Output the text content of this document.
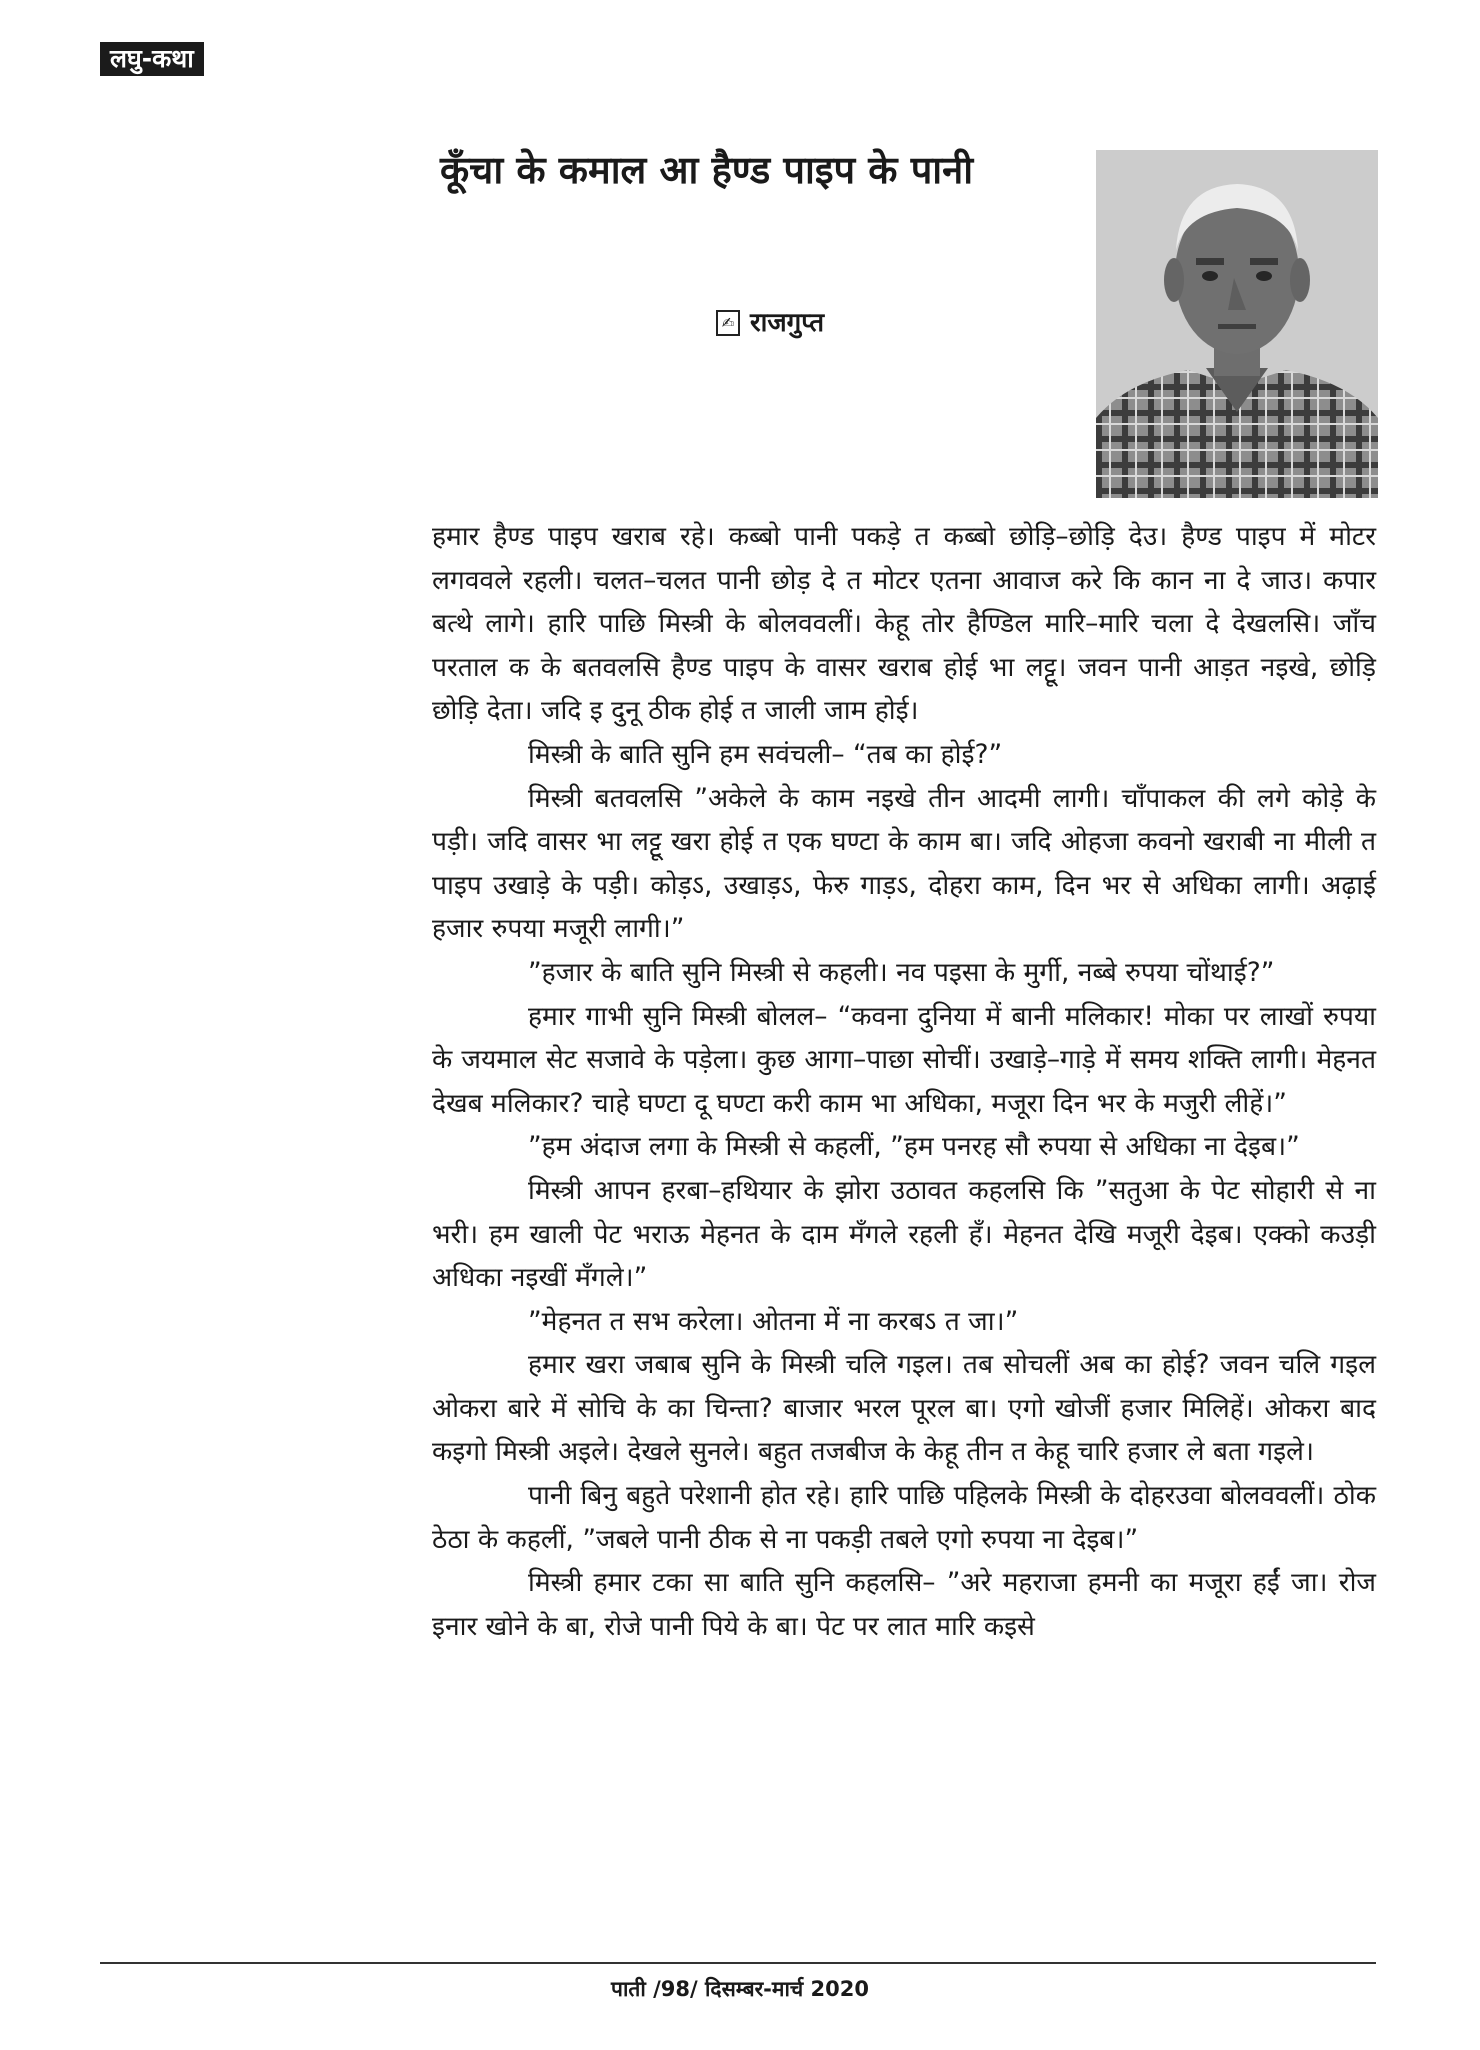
लघु-कथा
कूँचा के कमाल आ हैण्ड पाइप के पानी
✍ राजगुप्त

हमार हैण्ड पाइप खराब रहे। कब्बो पानी पकड़े त कब्बो छोड़ि–छोड़ि देउ। हैण्ड पाइप में मोटर लगववले रहली। चलत–चलत पानी छोड़ दे त मोटर एतना आवाज करे कि कान ना दे जाउ। कपार बत्थे लागे। हारि पाछि मिस्त्री के बोलववलीं। केहू तोर हैण्डिल मारि–मारि चला दे देखलसि। जाँच परताल क के बतवलसि हैण्ड पाइप के वासर खराब होई भा लट्टू। जवन पानी आड़त नइखे, छोड़ि छोड़ि देता। जदि इ दुनू ठीक होई त जाली जाम होई।

मिस्त्री के बाति सुनि हम सवंचली– “तब का होई?”

मिस्त्री बतवलसि ”अकेले के काम नइखे तीन आदमी लागी। चाँपाकल की लगे कोड़े के पड़ी। जदि वासर भा लट्टू खरा होई त एक घण्टा के काम बा। जदि ओहजा कवनो खराबी ना मीली त पाइप उखाड़े के पड़ी। कोड़ऽ, उखाड़ऽ, फेरु गाड़ऽ, दोहरा काम, दिन भर से अधिका लागी। अढ़ाई हजार रुपया मजूरी लागी।”

”हजार के बाति सुनि मिस्त्री से कहली। नव पइसा के मुर्गी, नब्बे रुपया चोंथाई?”

हमार गाभी सुनि मिस्त्री बोलल– “कवना दुनिया में बानी मलिकार! मोका पर लाखों रुपया के जयमाल सेट सजावे के पड़ेला। कुछ आगा–पाछा सोचीं। उखाड़े–गाड़े में समय शक्ति लागी। मेहनत देखब मलिकार? चाहे घण्टा दू घण्टा करी काम भा अधिका, मजूरा दिन भर के मजुरी लीहें।”

”हम अंदाज लगा के मिस्त्री से कहलीं, ”हम पनरह सौ रुपया से अधिका ना देइब।”

मिस्त्री आपन हरबा–हथियार के झोरा उठावत कहलसि कि ”सतुआ के पेट सोहारी से ना भरी। हम खाली पेट भराऊ मेहनत के दाम मँगले रहली हँ। मेहनत देखि मजूरी देइब। एक्को कउड़ी अधिका नइखीं मँगले।”

”मेहनत त सभ करेला। ओतना में ना करबऽ त जा।”

हमार खरा जबाब सुनि के मिस्त्री चलि गइल। तब सोचलीं अब का होई? जवन चलि गइल ओकरा बारे में सोचि के का चिन्ता? बाजार भरल पूरल बा। एगो खोजीं हजार मिलिहें। ओकरा बाद कइगो मिस्त्री अइले। देखले सुनले। बहुत तजबीज के केहू तीन त केहू चारि हजार ले बता गइले।

पानी बिनु बहुते परेशानी होत रहे। हारि पाछि पहिलके मिस्त्री के दोहरउवा बोलववलीं। ठोक ठेठा के कहलीं, ”जबले पानी ठीक से ना पकड़ी तबले एगो रुपया ना देइब।”

मिस्त्री हमार टका सा बाति सुनि कहलसि– ”अरे महराजा हमनी का मजूरा हईं जा। रोज इनार खोने के बा, रोजे पानी पिये के बा। पेट पर लात मारि कइसे

पाती /98/ दिसम्बर-मार्च 2020
